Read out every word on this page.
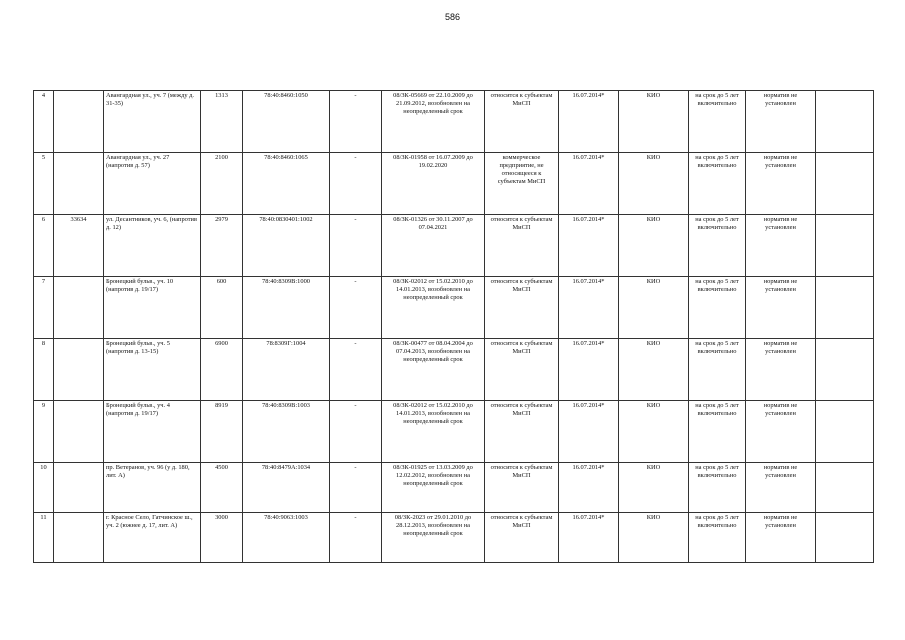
586
4		Авангардная ул., уч. 7 (между д. 31-35)	1313	78:40:8460:1050	-	08/ЗК-05669 от 22.10.2009 до 21.09.2012, возобновлен на неопределенный срок	относится к субъектам МиСП	16.07.2014*	КИО	на срок до 5 лет включительно	норматив не установлен	
5		Авангардная ул., уч. 27 (напротив д. 57)	2100	78:40:8460:1065	-	08/ЗК-01958 от 16.07.2009 до 19.02.2020	коммерческое предприятие, не относящееся к субъектам МиСП	16.07.2014*	КИО	на срок до 5 лет включительно	норматив не установлен	
6	33634	ул. Десантников, уч. 6, (напротив д. 12)	2979	78:40:0830401:1002	-	08/ЗК-01326 от 30.11.2007 до 07.04.2021	относится к субъектам МиСП	16.07.2014*	КИО	на срок до 5 лет включительно	норматив не установлен	
7		Бронецкий бульв., уч. 10 (напротив д. 19/17)	600	78:40:8309В:1000	-	08/ЗК-02012 от 15.02.2010 до 14.01.2013, возобновлен на неопределенный срок	относится к субъектам МиСП	16.07.2014*	КИО	на срок до 5 лет включительно	норматив не установлен	
8		Бронецкий бульв., уч. 5 (напротив д. 13-15)	6900	78:8309Г:1004	-	08/ЗК-00477 от 08.04.2004 до 07.04.2013, возобновлен на неопределенный срок	относится к субъектам МиСП	16.07.2014*	КИО	на срок до 5 лет включительно	норматив не установлен	
9		Бронецкий бульв., уч. 4 (напротив д. 19/17)	8919	78:40:8309В:1003	-	08/ЗК-02012 от 15.02.2010 до 14.01.2013, возобновлен на неопределенный срок	относится к субъектам МиСП	16.07.2014*	КИО	на срок до 5 лет включительно	норматив не установлен	
10		пр. Ветеранов, уч. 96 (у д. 180, лит. А)	4500	78:40:8479А:1034	-	08/ЗК-01925 от 13.03.2009 до 12.02.2012, возобновлен на неопределенный срок	относится к субъектам МиСП	16.07.2014*	КИО	на срок до 5 лет включительно	норматив не установлен	
11		г. Красное Село, Гатчинское ш., уч. 2 (южнее д. 17, лит. А)	3000	78:40:9063:1003	-	08/ЗК-2023 от 29.01.2010 до 28.12.2013, возобновлен на неопределенный срок	относится к субъектам МиСП	16.07.2014*	КИО	на срок до 5 лет включительно	норматив не установлен	
